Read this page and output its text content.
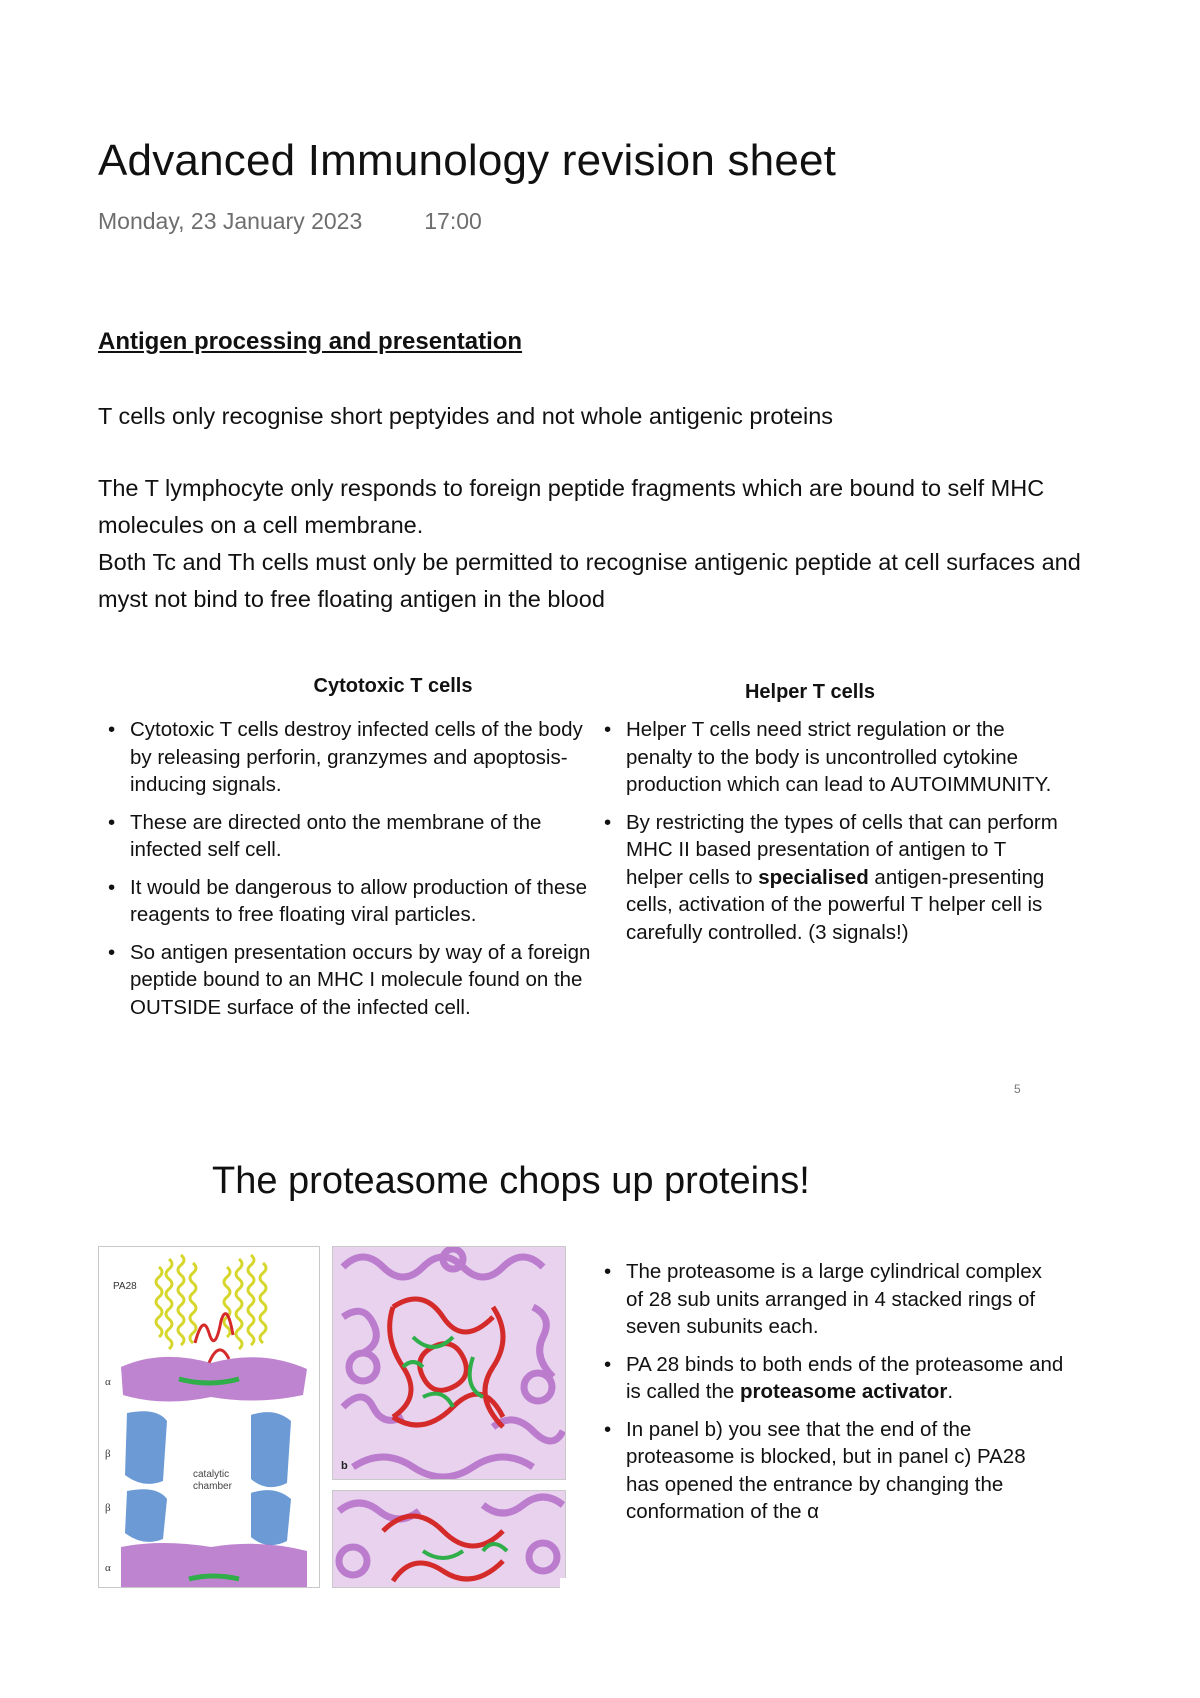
Advanced Immunology revision sheet
Monday, 23 January 2023	17:00
Antigen processing and presentation
T cells only recognise short peptyides and not whole antigenic proteins
The T lymphocyte only responds to foreign peptide fragments which are bound to self MHC molecules on a cell membrane.
Both Tc and Th cells must only be permitted to recognise antigenic peptide at cell surfaces and myst not bind to free floating antigen in the blood
Cytotoxic T cells	Helper T cells
• Cytotoxic T cells destroy infected cells of the body by releasing perforin, granzymes and apoptosis-inducing signals.
• These are directed onto the membrane of the infected self cell.
• It would be dangerous to allow production of these reagents to free floating viral particles.
• So antigen presentation occurs by way of a foreign peptide bound to an MHC I molecule found on the OUTSIDE surface of the infected cell.
• Helper T cells need strict regulation or the penalty to the body is uncontrolled cytokine production which can lead to AUTOIMMUNITY.
• By restricting the types of cells that can perform MHC II based presentation of antigen to T helper cells to specialised antigen-presenting cells, activation of the powerful T helper cell is carefully controlled. (3 signals!)
5
The proteasome chops up proteins!
PA28
α
β
β
α
catalytic
chamber
b
• The proteasome is a large cylindrical complex of 28 sub units arranged in 4 stacked rings of seven subunits each.
• PA 28 binds to both ends of the proteasome and is called the proteasome activator.
• In panel b) you see that the end of the proteasome is blocked, but in panel c) PA28 has opened the entrance by changing the conformation of the α
